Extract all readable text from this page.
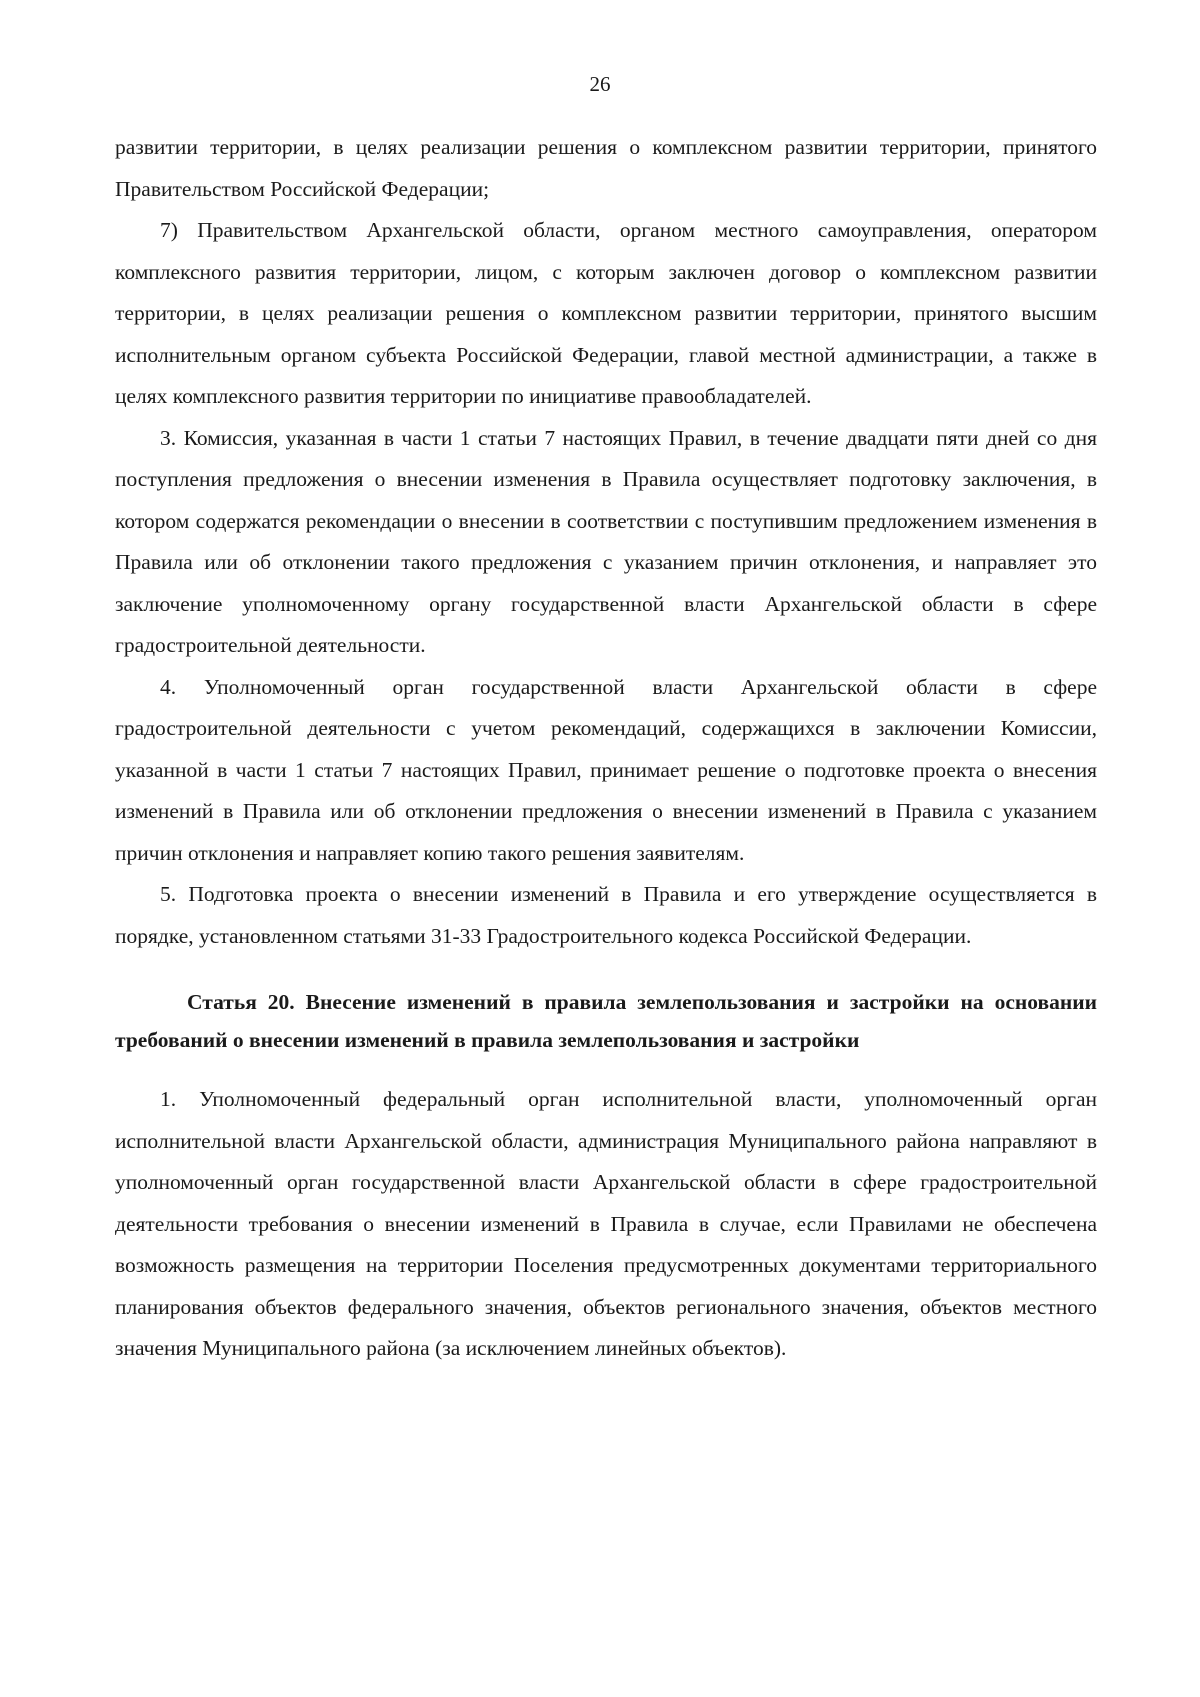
26

развитии территории, в целях реализации решения о комплексном развитии территории, принятого Правительством Российской Федерации;

7) Правительством Архангельской области, органом местного самоуправления, оператором комплексного развития территории, лицом, с которым заключен договор о комплексном развитии территории, в целях реализации решения о комплексном развитии территории, принятого высшим исполнительным органом субъекта Российской Федерации, главой местной администрации, а также в целях комплексного развития территории по инициативе правообладателей.

3. Комиссия, указанная в части 1 статьи 7 настоящих Правил, в течение двадцати пяти дней со дня поступления предложения о внесении изменения в Правила осуществляет подготовку заключения, в котором содержатся рекомендации о внесении в соответствии с поступившим предложением изменения в Правила или об отклонении такого предложения с указанием причин отклонения, и направляет это заключение уполномоченному органу государственной власти Архангельской области в сфере градостроительной деятельности.

4. Уполномоченный орган государственной власти Архангельской области в сфере градостроительной деятельности с учетом рекомендаций, содержащихся в заключении Комиссии, указанной в части 1 статьи 7 настоящих Правил, принимает решение о подготовке проекта о внесения изменений в Правила или об отклонении предложения о внесении изменений в Правила с указанием причин отклонения и направляет копию такого решения заявителям.

5. Подготовка проекта о внесении изменений в Правила и его утверждение осуществляется в порядке, установленном статьями 31-33 Градостроительного кодекса Российской Федерации.

Статья 20. Внесение изменений в правила землепользования и застройки на основании требований о внесении изменений в правила землепользования и застройки

1. Уполномоченный федеральный орган исполнительной власти, уполномоченный орган исполнительной власти Архангельской области, администрация Муниципального района направляют в уполномоченный орган государственной власти Архангельской области в сфере градостроительной деятельности требования о внесении изменений в Правила в случае, если Правилами не обеспечена возможность размещения на территории Поселения предусмотренных документами территориального планирования объектов федерального значения, объектов регионального значения, объектов местного значения Муниципального района (за исключением линейных объектов).
